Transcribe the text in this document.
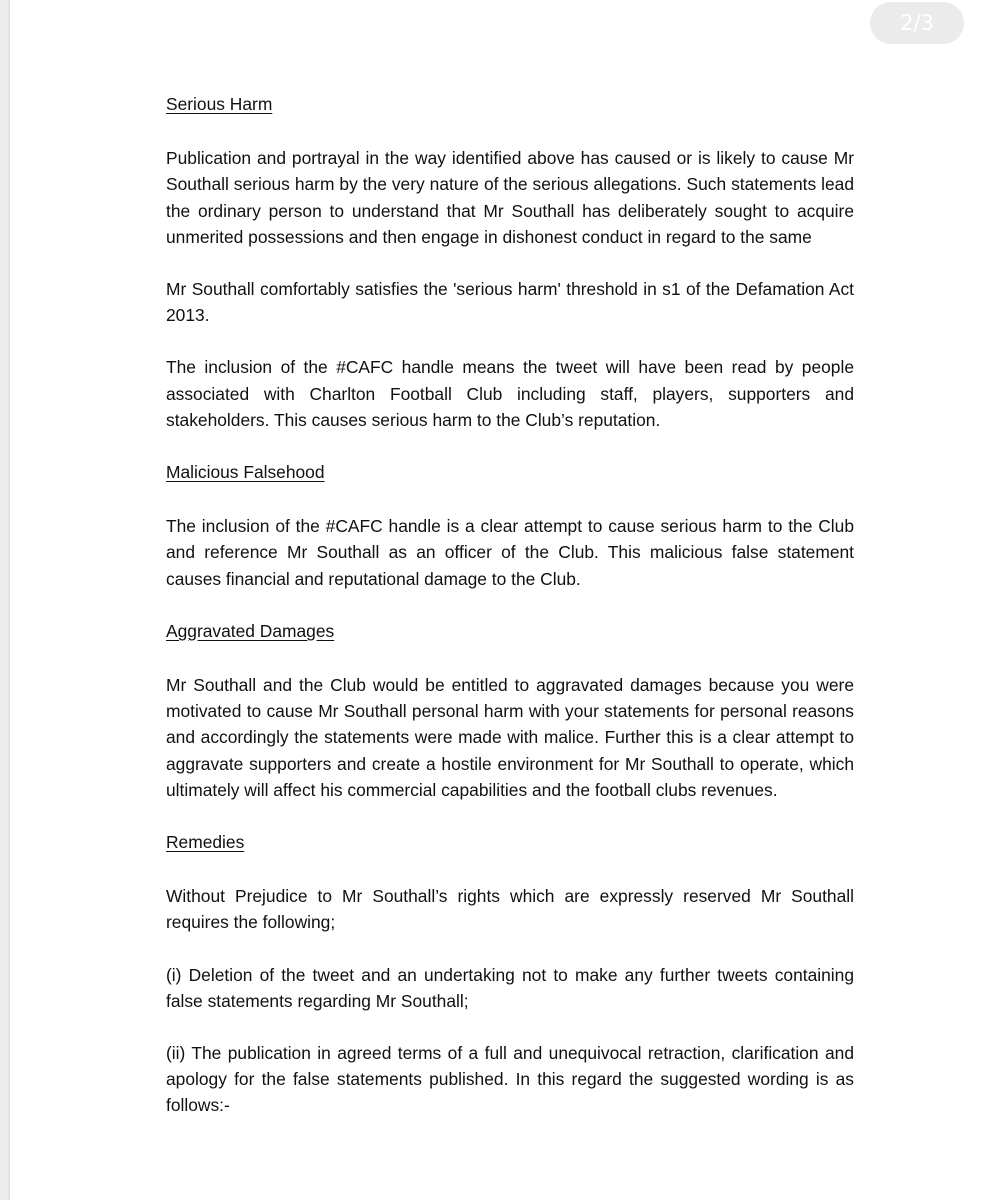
2/3
Serious Harm

Publication and portrayal in the way identified above has caused or is likely to cause Mr Southall serious harm by the very nature of the serious allegations. Such statements lead the ordinary person to understand that Mr Southall has deliberately sought to acquire unmerited possessions and then engage in dishonest conduct in regard to the same

Mr Southall comfortably satisfies the 'serious harm' threshold in s1 of the Defamation Act 2013.

The inclusion of the #CAFC handle means the tweet will have been read by people associated with Charlton Football Club including staff, players, supporters and stakeholders. This causes serious harm to the Club’s reputation.

Malicious Falsehood

The inclusion of the #CAFC handle is a clear attempt to cause serious harm to the Club and reference Mr Southall as an officer of the Club. This malicious false statement causes financial and reputational damage to the Club.

Aggravated Damages

Mr Southall and the Club would be entitled to aggravated damages because you were motivated to cause Mr Southall personal harm with your statements for personal reasons and accordingly the statements were made with malice. Further this is a clear attempt to aggravate supporters and create a hostile environment for Mr Southall to operate, which ultimately will affect his commercial capabilities and the football clubs revenues.

Remedies

Without Prejudice to Mr Southall’s rights which are expressly reserved Mr Southall requires the following;

(i) Deletion of the tweet and an undertaking not to make any further tweets containing false statements regarding Mr Southall;

(ii) The publication in agreed terms of a full and unequivocal retraction, clarification and apology for the false statements published. In this regard the suggested wording is as follows:-
